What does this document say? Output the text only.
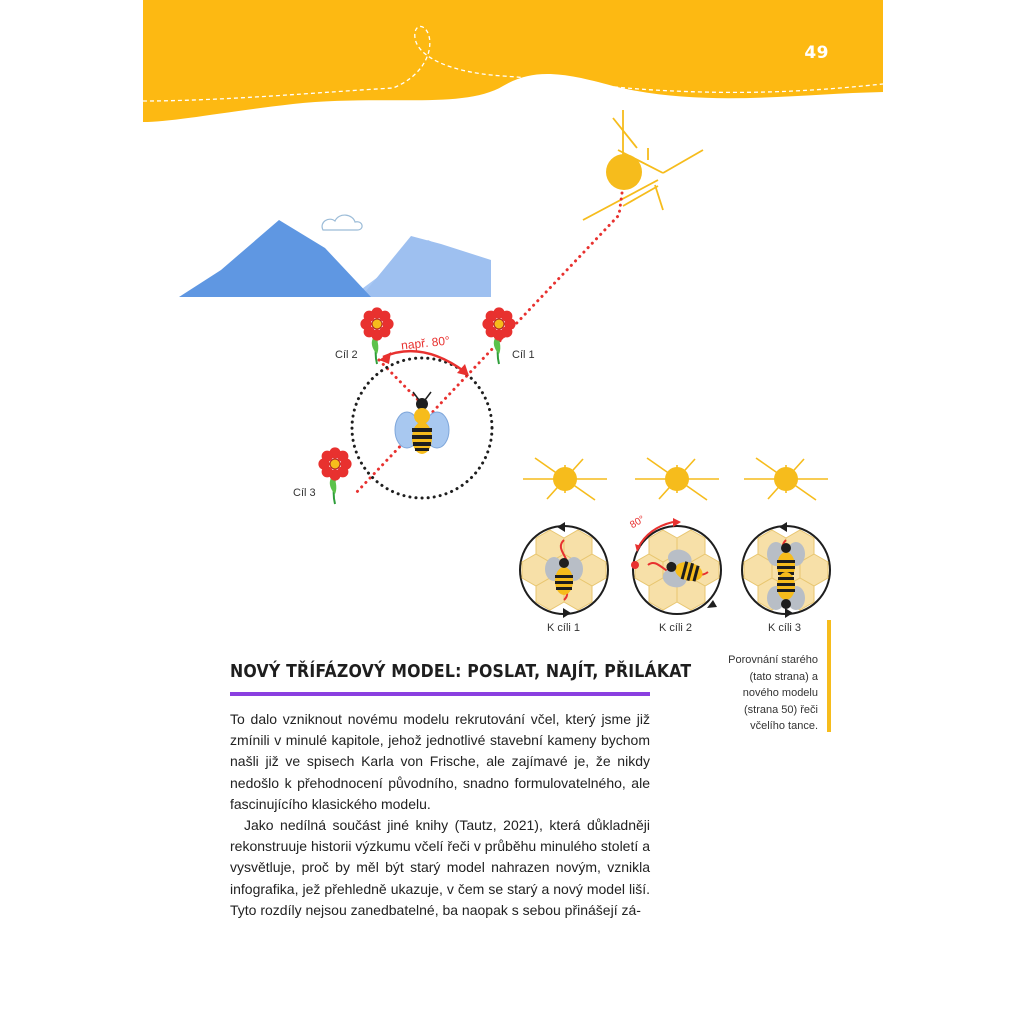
49
Cíl 2	Cíl 1
Cíl 3
např. 80°
80°
K cíli 1	K cíli 2	K cíli 3
Porovnání starého (tato strana) a nového modelu (strana 50) řeči včelího tance.
NOVÝ TŘÍFÁZOVÝ MODEL: POSLAT, NAJÍT, PŘILÁKAT

To dalo vzniknout novému modelu rekrutování včel, který jsme již zmínili v minulé kapitole, jehož jednotlivé stavební kameny bychom našli již ve spisech Karla von Frische, ale zajímavé je, že nikdy nedošlo k přehodnocení původního, snadno formulovatelného, ale fascinujícího klasického modelu.

Jako nedílná součást jiné knihy (Tautz, 2021), která důkladněji rekonstruuje historii výzkumu včelí řeči v průběhu minulého století a vysvětluje, proč by měl být starý model nahrazen novým, vznikla infografika, jež přehledně ukazuje, v čem se starý a nový model liší. Tyto rozdíly nejsou zanedbatelné, ba naopak s sebou přinášejí zá-
